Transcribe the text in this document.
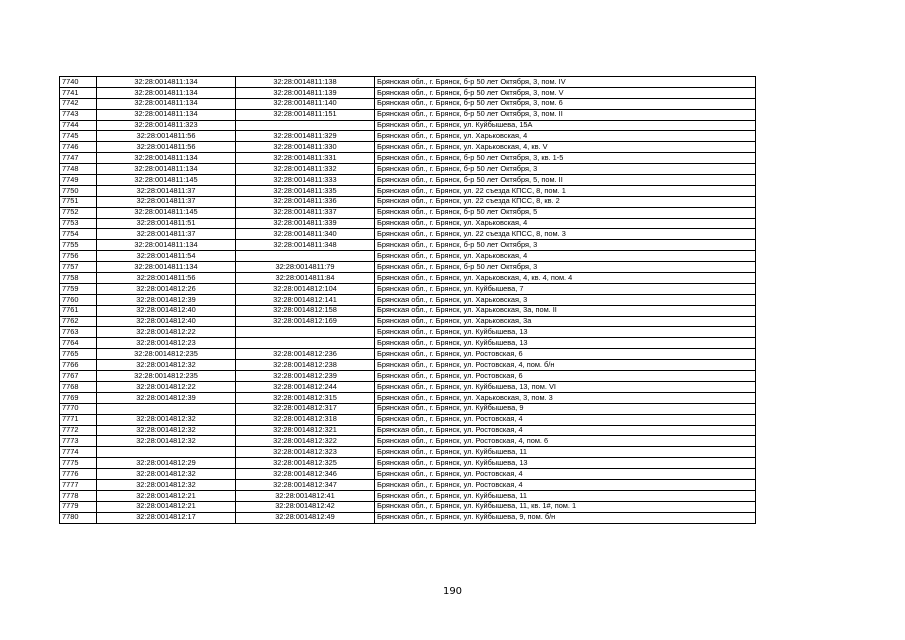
7740	32:28:0014811:134	32:28:0014811:138	Брянская обл., г. Брянск, б-р 50 лет Октября, 3, пом. IV
7741	32:28:0014811:134	32:28:0014811:139	Брянская обл., г. Брянск, б-р 50 лет Октября, 3, пом. V
7742	32:28:0014811:134	32:28:0014811:140	Брянская обл., г. Брянск, б-р 50 лет Октября, 3, пом. 6
7743	32:28:0014811:134	32:28:0014811:151	Брянская обл., г. Брянск, б-р 50 лет Октября, 3, пом. II
7744	32:28:0014811:323		Брянская обл., г. Брянск, ул. Куйбышева, 15А
7745	32:28:0014811:56	32:28:0014811:329	Брянская обл., г. Брянск, ул. Харьковская, 4
7746	32:28:0014811:56	32:28:0014811:330	Брянская обл., г. Брянск, ул. Харьковская, 4, кв. V
7747	32:28:0014811:134	32:28:0014811:331	Брянская обл., г. Брянск, б-р 50 лет Октября, 3, кв. 1-5
7748	32:28:0014811:134	32:28:0014811:332	Брянская обл., г. Брянск, б-р 50 лет Октября, 3
7749	32:28:0014811:145	32:28:0014811:333	Брянская обл., г. Брянск, б-р 50 лет Октября, 5, пом. II
7750	32:28:0014811:37	32:28:0014811:335	Брянская обл., г. Брянск, ул. 22 съезда КПСС, 8, пом. 1
7751	32:28:0014811:37	32:28:0014811:336	Брянская обл., г. Брянск, ул. 22 съезда КПСС, 8, кв. 2
7752	32:28:0014811:145	32:28:0014811:337	Брянская обл., г. Брянск, б-р 50 лет Октября, 5
7753	32:28:0014811:51	32:28:0014811:339	Брянская обл., г. Брянск, ул. Харьковская, 4
7754	32:28:0014811:37	32:28:0014811:340	Брянская обл., г. Брянск, ул. 22 съезда КПСС, 8, пом. 3
7755	32:28:0014811:134	32:28:0014811:348	Брянская обл., г. Брянск, б-р 50 лет Октября, 3
7756	32:28:0014811:54		Брянская обл., г. Брянск, ул. Харьковская, 4
7757	32:28:0014811:134	32:28:0014811:79	Брянская обл., г. Брянск, б-р 50 лет Октября, 3
7758	32:28:0014811:56	32:28:0014811:84	Брянская обл., г. Брянск, ул. Харьковская, 4, кв. 4, пом. 4
7759	32:28:0014812:26	32:28:0014812:104	Брянская обл., г. Брянск, ул. Куйбышева, 7
7760	32:28:0014812:39	32:28:0014812:141	Брянская обл., г. Брянск, ул. Харьковская, 3
7761	32:28:0014812:40	32:28:0014812:158	Брянская обл., г. Брянск, ул. Харьковская, 3а, пом. II
7762	32:28:0014812:40	32:28:0014812:169	Брянская обл., г. Брянск, ул. Харьковская, 3а
7763	32:28:0014812:22		Брянская обл., г. Брянск, ул. Куйбышева, 13
7764	32:28:0014812:23		Брянская обл., г. Брянск, ул. Куйбышева, 13
7765	32:28:0014812:235	32:28:0014812:236	Брянская обл., г. Брянск, ул. Ростовская, 6
7766	32:28:0014812:32	32:28:0014812:238	Брянская обл., г. Брянск, ул. Ростовская, 4, пом. б/н
7767	32:28:0014812:235	32:28:0014812:239	Брянская обл., г. Брянск, ул. Ростовская, 6
7768	32:28:0014812:22	32:28:0014812:244	Брянская обл., г. Брянск, ул. Куйбышева, 13, пом. VI
7769	32:28:0014812:39	32:28:0014812:315	Брянская обл., г. Брянск, ул. Харьковская, 3, пом. 3
7770		32:28:0014812:317	Брянская обл., г. Брянск, ул. Куйбышева, 9
7771	32:28:0014812:32	32:28:0014812:318	Брянская обл., г. Брянск, ул. Ростовская, 4
7772	32:28:0014812:32	32:28:0014812:321	Брянская обл., г. Брянск, ул. Ростовская, 4
7773	32:28:0014812:32	32:28:0014812:322	Брянская обл., г. Брянск, ул. Ростовская, 4, пом. 6
7774		32:28:0014812:323	Брянская обл., г. Брянск, ул. Куйбышева, 11
7775	32:28:0014812:29	32:28:0014812:325	Брянская обл., г. Брянск, ул. Куйбышева, 13
7776	32:28:0014812:32	32:28:0014812:346	Брянская обл., г. Брянск, ул. Ростовская, 4
7777	32:28:0014812:32	32:28:0014812:347	Брянская обл., г. Брянск, ул. Ростовская, 4
7778	32:28:0014812:21	32:28:0014812:41	Брянская обл., г. Брянск, ул. Куйбышева, 11
7779	32:28:0014812:21	32:28:0014812:42	Брянская обл., г. Брянск, ул. Куйбышева, 11, кв. 1#, пом. 1
7780	32:28:0014812:17	32:28:0014812:49	Брянская обл., г. Брянск, ул. Куйбышева, 9, пом. б/н
190
